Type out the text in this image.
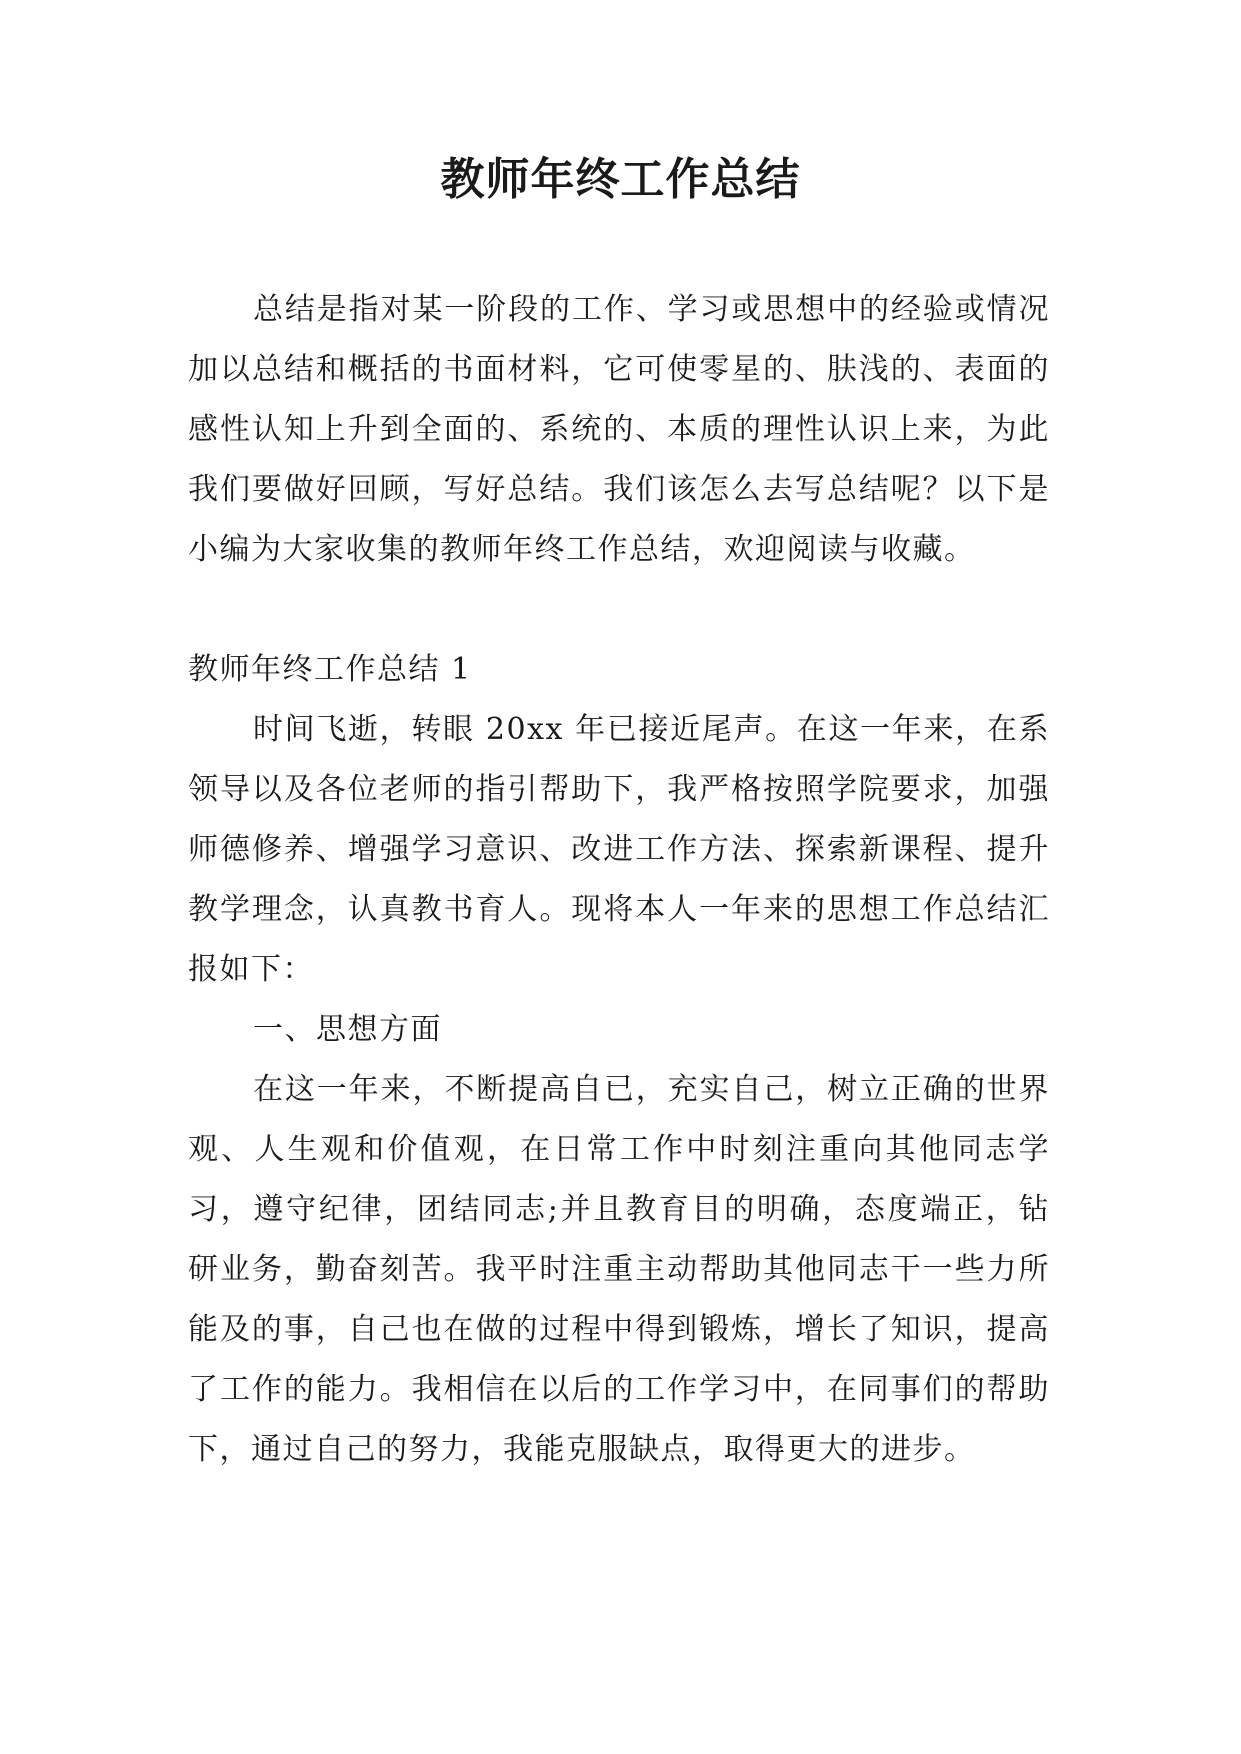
教师年终工作总结

总结是指对某一阶段的工作、学习或思想中的经验或情况加以总结和概括的书面材料，它可使零星的、肤浅的、表面的感性认知上升到全面的、系统的、本质的理性认识上来，为此我们要做好回顾，写好总结。我们该怎么去写总结呢？以下是小编为大家收集的教师年终工作总结，欢迎阅读与收藏。

教师年终工作总结 1

时间飞逝，转眼 20xx 年已接近尾声。在这一年来，在系领导以及各位老师的指引帮助下，我严格按照学院要求，加强师德修养、增强学习意识、改进工作方法、探索新课程、提升教学理念，认真教书育人。现将本人一年来的思想工作总结汇报如下：

一、思想方面

在这一年来，不断提高自已，充实自己，树立正确的世界观、人生观和价值观，在日常工作中时刻注重向其他同志学习，遵守纪律，团结同志;并且教育目的明确，态度端正，钻研业务，勤奋刻苦。我平时注重主动帮助其他同志干一些力所能及的事，自己也在做的过程中得到锻炼，增长了知识，提高了工作的能力。我相信在以后的工作学习中，在同事们的帮助下，通过自己的努力，我能克服缺点，取得更大的进步。
